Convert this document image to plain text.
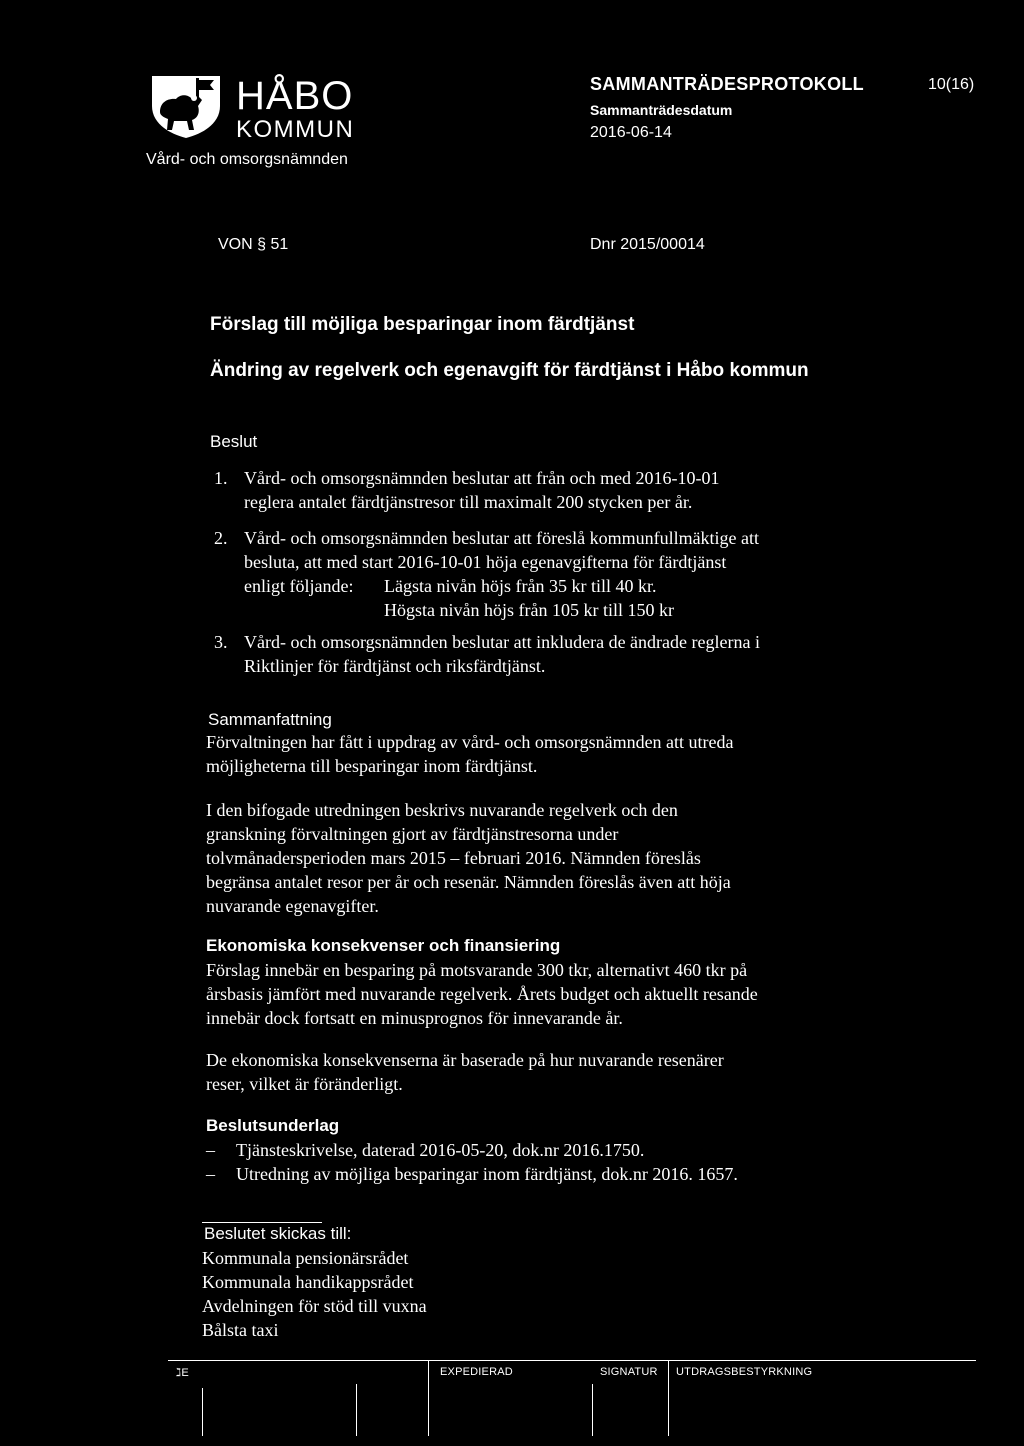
HÅBO
KOMMUN
Vård- och omsorgsnämnden
SAMMANTRÄDESPROTOKOLL	10(16)
Sammanträdesdatum
2016-06-14
VON § 51	Dnr 2015/00014
Förslag till möjliga besparingar inom färdtjänst
Ändring av regelverk och egenavgift för färdtjänst i Håbo kommun
Beslut
1. Vård- och omsorgsnämnden beslutar att från och med 2016-10-01
reglera antalet färdtjänstresor till maximalt 200 stycken per år.
2. Vård- och omsorgsnämnden beslutar att föreslå kommunfullmäktige att
besluta, att med start 2016-10-01 höja egenavgifterna för färdtjänst
enligt följande: Lägsta nivån höjs från 35 kr till 40 kr.
Högsta nivån höjs från 105 kr till 150 kr
3. Vård- och omsorgsnämnden beslutar att inkludera de ändrade reglerna i
Riktlinjer för färdtjänst och riksfärdtjänst.
Sammanfattning
Förvaltningen har fått i uppdrag av vård- och omsorgsnämnden att utreda
möjligheterna till besparingar inom färdtjänst.
I den bifogade utredningen beskrivs nuvarande regelverk och den
granskning förvaltningen gjort av färdtjänstresorna under
tolvmånadersperioden mars 2015 – februari 2016. Nämnden föreslås
begränsa antalet resor per år och resenär. Nämnden föreslås även att höja
nuvarande egenavgifter.
Ekonomiska konsekvenser och finansiering
Förslag innebär en besparing på motsvarande 300 tkr, alternativt 460 tkr på
årsbasis jämfört med nuvarande regelverk. Årets budget och aktuellt resande
innebär dock fortsatt en minusprognos för innevarande år.
De ekonomiska konsekvenserna är baserade på hur nuvarande resenärer
reser, vilket är föränderligt.
Beslutsunderlag
– Tjänsteskrivelse, daterad 2016-05-20, dok.nr 2016.1750.
– Utredning av möjliga besparingar inom färdtjänst, dok.nr 2016. 1657.
Beslutet skickas till:
Kommunala pensionärsrådet
Kommunala handikappsrådet
Avdelningen för stöd till vuxna
Bålsta taxi
ℷE	EXPEDIERAD	SIGNATUR UTDRAGSBESTYRKNING
